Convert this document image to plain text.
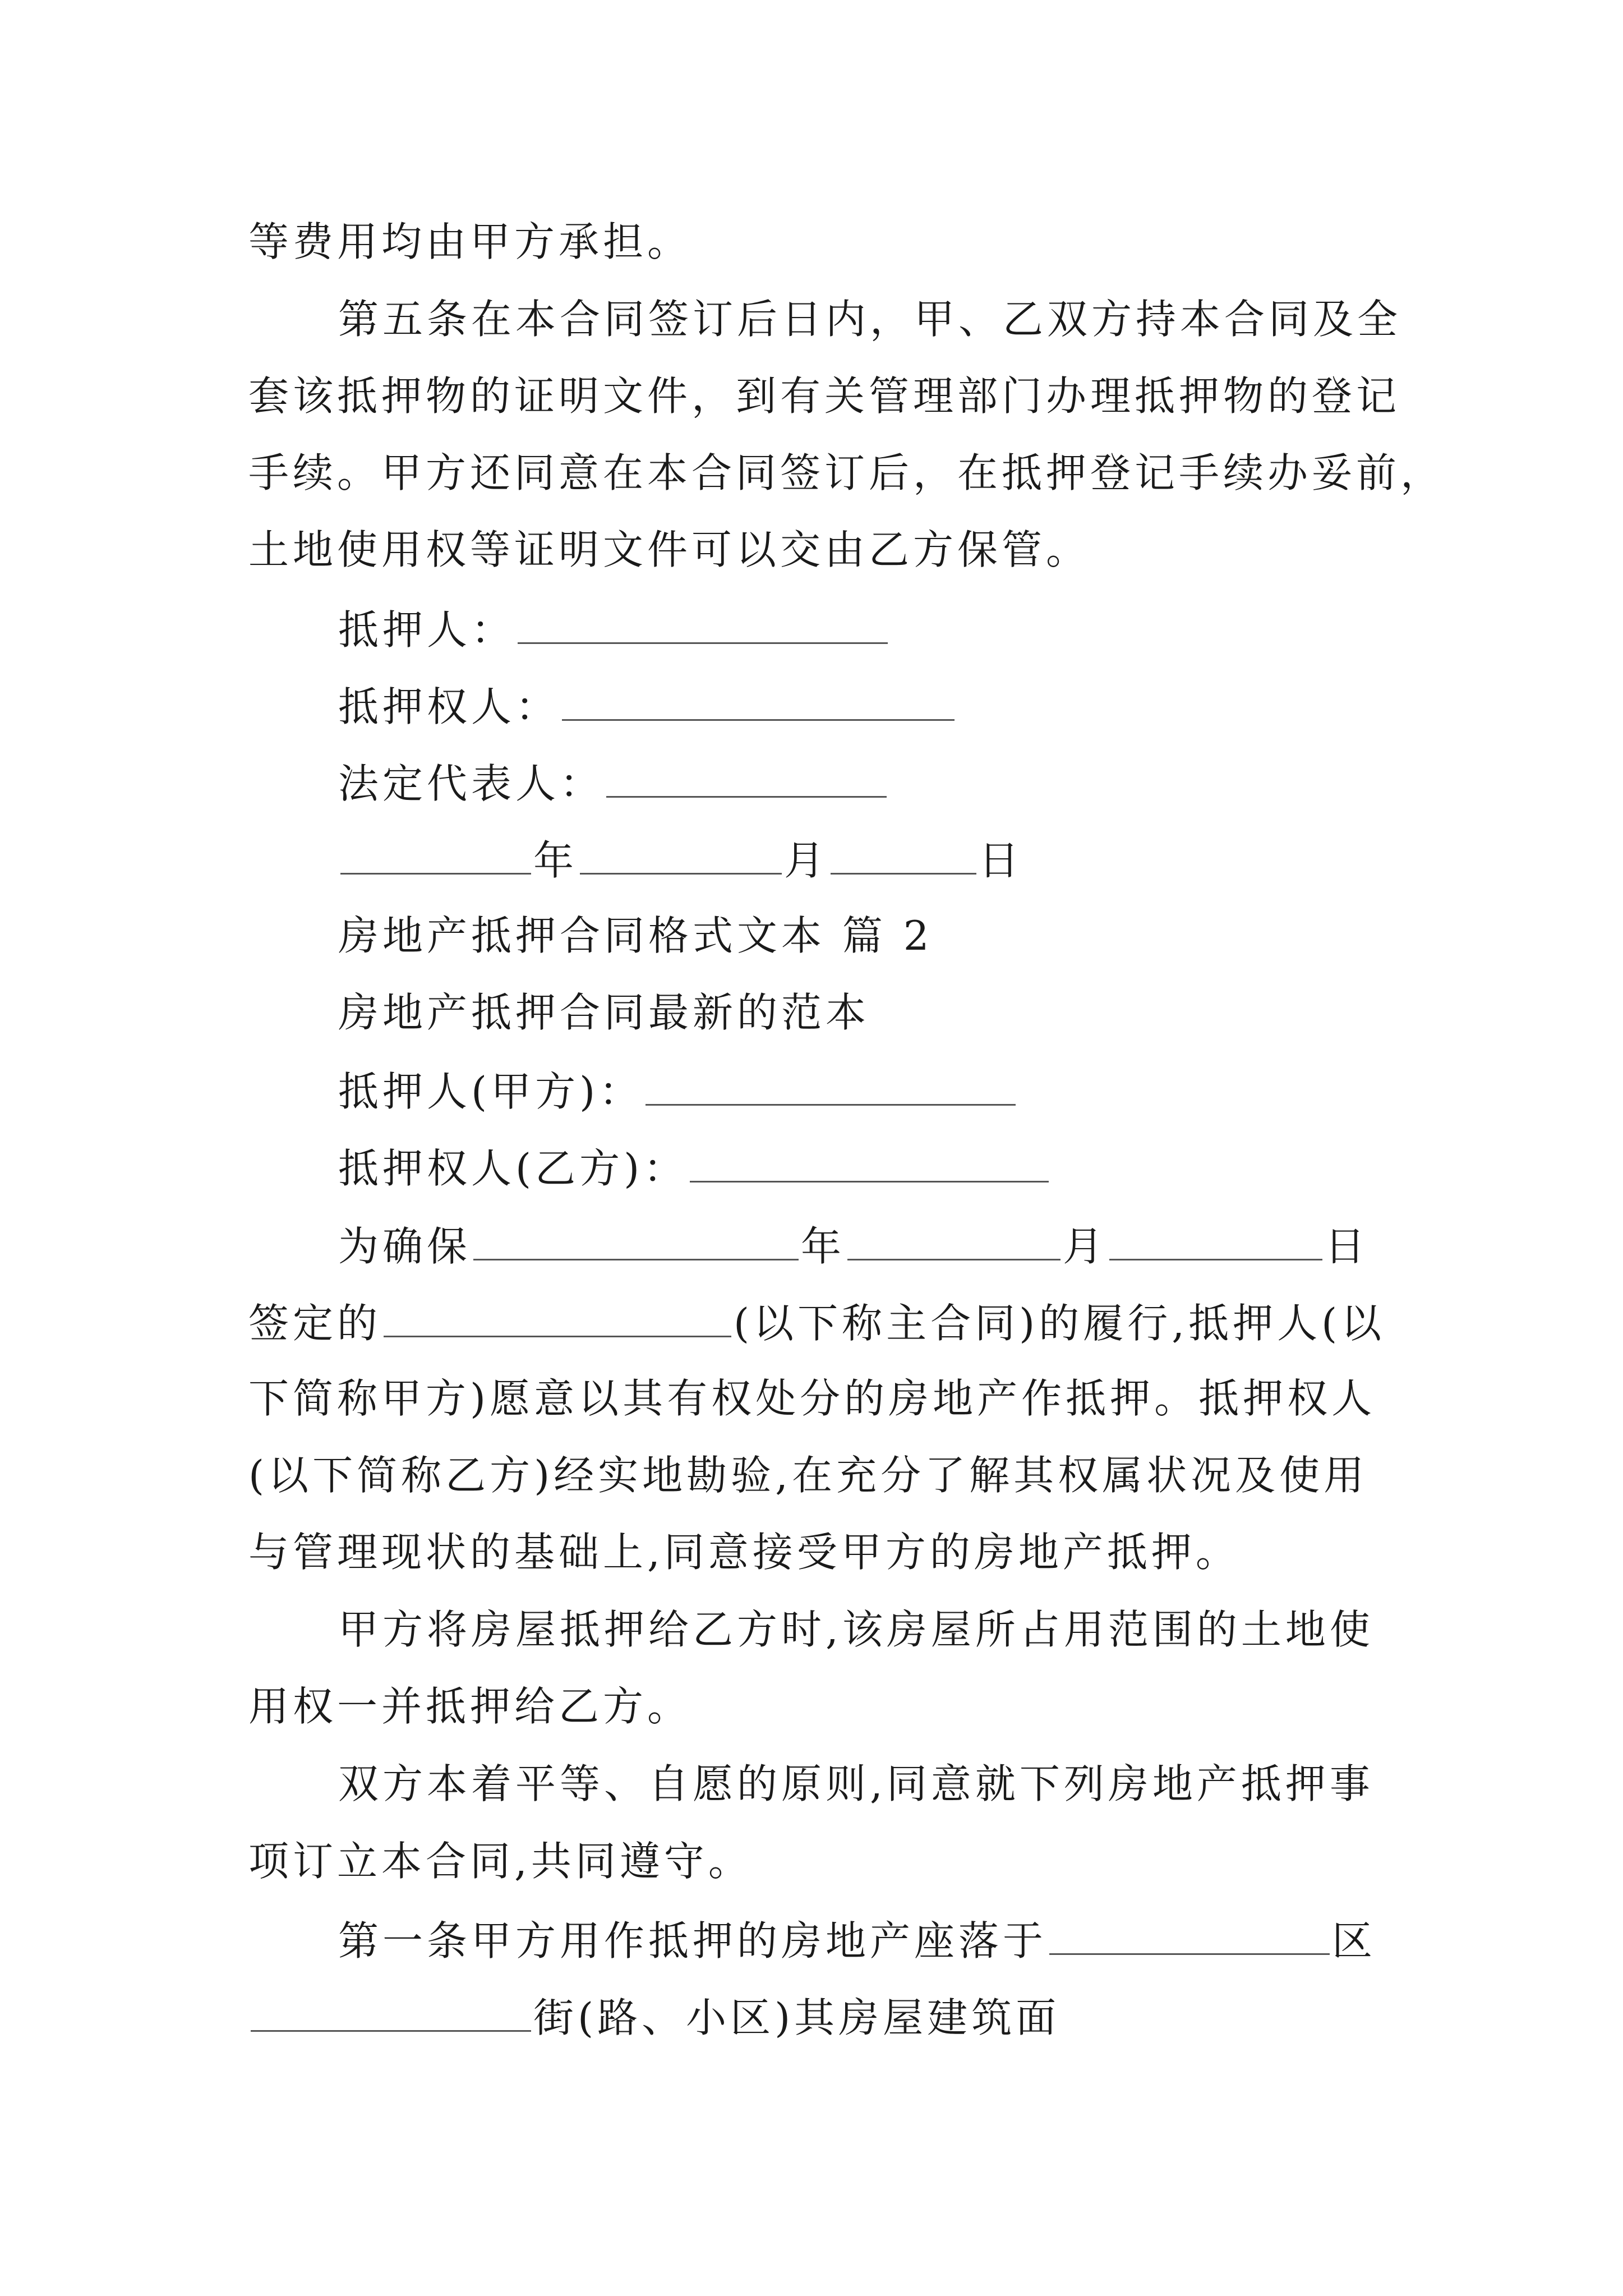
等费用均由甲方承担。
第五条在本合同签订后日内，甲、乙双方持本合同及全
套该抵押物的证明文件，到有关管理部门办理抵押物的登记
手续。甲方还同意在本合同签订后，在抵押登记手续办妥前，
土地使用权等证明文件可以交由乙方保管。
抵押人：
抵押权人：
法定代表人：
年	月	日
房地产抵押合同格式文本 篇 2
房地产抵押合同最新的范本
抵押人(甲方)：
抵押权人(乙方)：
为确保	年	月	日
签定的	(以下称主合同)的履行,抵押人(以
下简称甲方)愿意以其有权处分的房地产作抵押。抵押权人
(以下简称乙方)经实地勘验,在充分了解其权属状况及使用
与管理现状的基础上,同意接受甲方的房地产抵押。
甲方将房屋抵押给乙方时,该房屋所占用范围的土地使
用权一并抵押给乙方。
双方本着平等、自愿的原则,同意就下列房地产抵押事
项订立本合同,共同遵守。
第一条甲方用作抵押的房地产座落于	区
街(路、小区)其房屋建筑面
